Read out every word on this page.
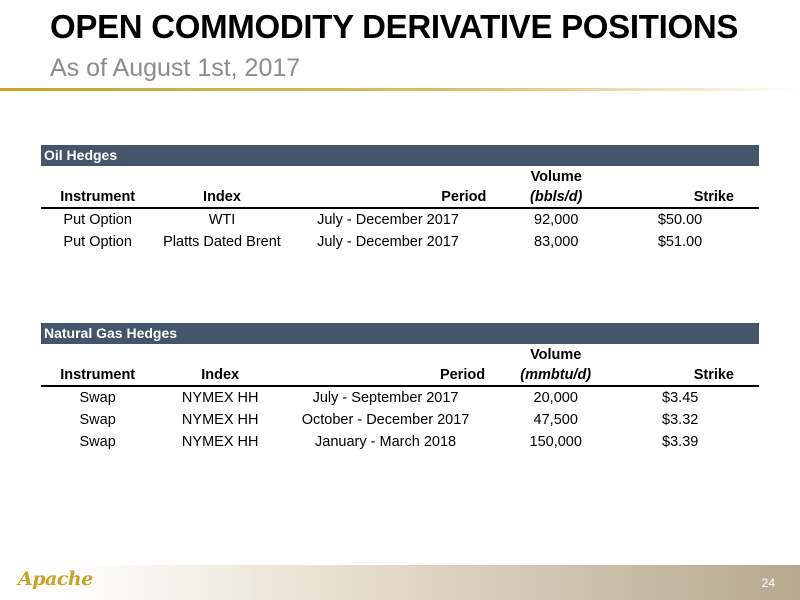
OPEN COMMODITY DERIVATIVE POSITIONS
As of August 1st, 2017
Oil Hedges
			Volume	
Instrument	Index	Period	(bbls/d)	Strike
Put Option	WTI	July - December 2017	92,000	$50.00
Put Option	Platts Dated Brent	July - December 2017	83,000	$51.00
Natural Gas Hedges
			Volume	
Instrument	Index	Period	(mmbtu/d)	Strike
Swap	NYMEX HH	July - September 2017	20,000	$3.45
Swap	NYMEX HH	October - December 2017	47,500	$3.32
Swap	NYMEX HH	January - March 2018	150,000	$3.39
Apache	24
